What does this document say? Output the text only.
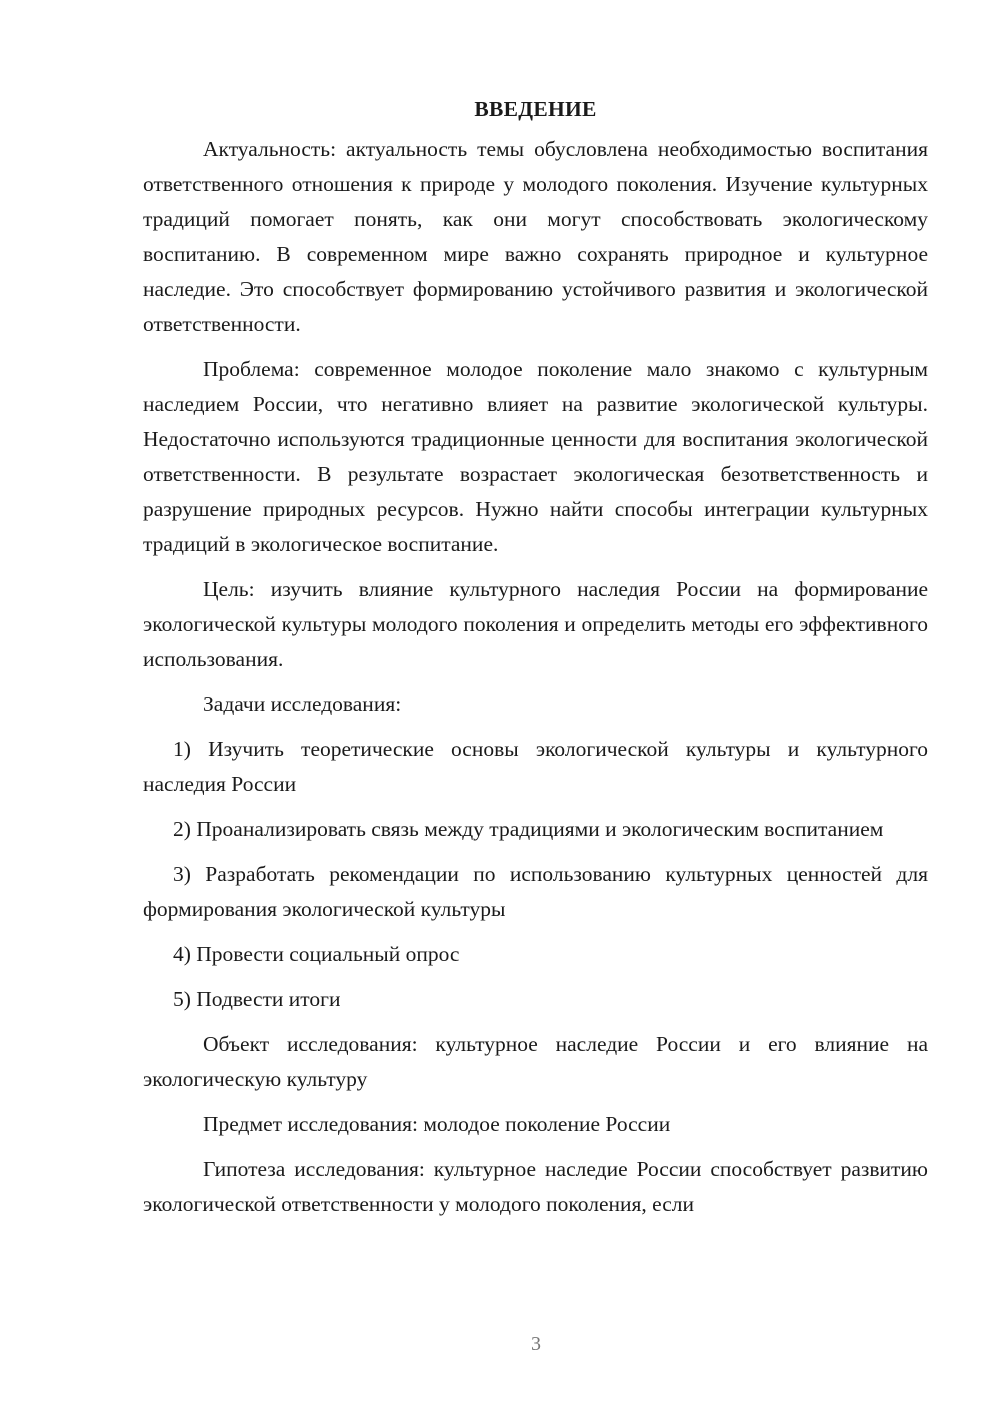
ВВЕДЕНИЕ

Актуальность: актуальность темы обусловлена необходимостью воспитания ответственного отношения к природе у молодого поколения. Изучение культурных традиций помогает понять, как они могут способствовать экологическому воспитанию. В современном мире важно сохранять природное и культурное наследие. Это способствует формированию устойчивого развития и экологической ответственности.

Проблема: современное молодое поколение мало знакомо с культурным наследием России, что негативно влияет на развитие экологической культуры. Недостаточно используются традиционные ценности для воспитания экологической ответственности. В результате возрастает экологическая безответственность и разрушение природных ресурсов. Нужно найти способы интеграции культурных традиций в экологическое воспитание.

Цель: изучить влияние культурного наследия России на формирование экологической культуры молодого поколения и определить методы его эффективного использования.

Задачи исследования:

1) Изучить теоретические основы экологической культуры и культурного наследия России

2) Проанализировать связь между традициями и экологическим воспитанием

3) Разработать рекомендации по использованию культурных ценностей для формирования экологической культуры

4) Провести социальный опрос

5) Подвести итоги

Объект исследования: культурное наследие России и его влияние на экологическую культуру

Предмет исследования: молодое поколение России

Гипотеза исследования: культурное наследие России способствует развитию экологической ответственности у молодого поколения, если

3
